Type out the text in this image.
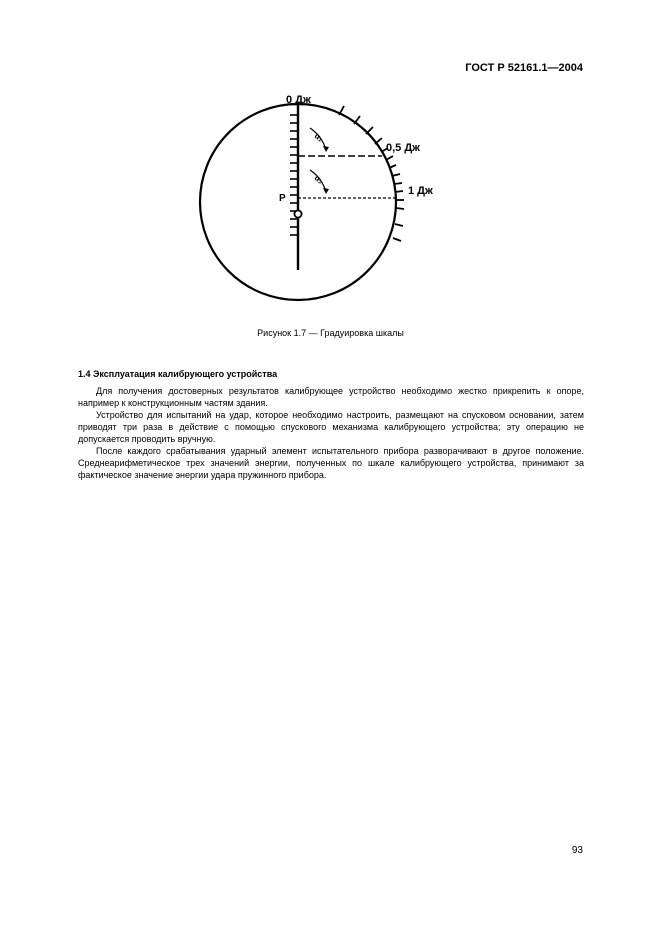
ГОСТ Р 52161.1—2004
0 Дж
0,5 Дж
1 Дж
Р
α₁
α₂
Рисунок 1.7 — Градуировка шкалы
1.4 Эксплуатация калибрующего устройства

Для получения достоверных результатов калибрующее устройство необходимо жестко прикрепить к опоре, например к конструкционным частям здания.

Устройство для испытаний на удар, которое необходимо настроить, размещают на спусковом основании, затем приводят три раза в действие с помощью спускового механизма калибрующего устройства; эту операцию не допускается проводить вручную.

После каждого срабатывания ударный элемент испытательного прибора разворачивают в другое положение. Среднеарифметическое трех значений энергии, полученных по шкале калибрующего устройства, принимают за фактическое значение энергии удара пружинного прибора.

93
